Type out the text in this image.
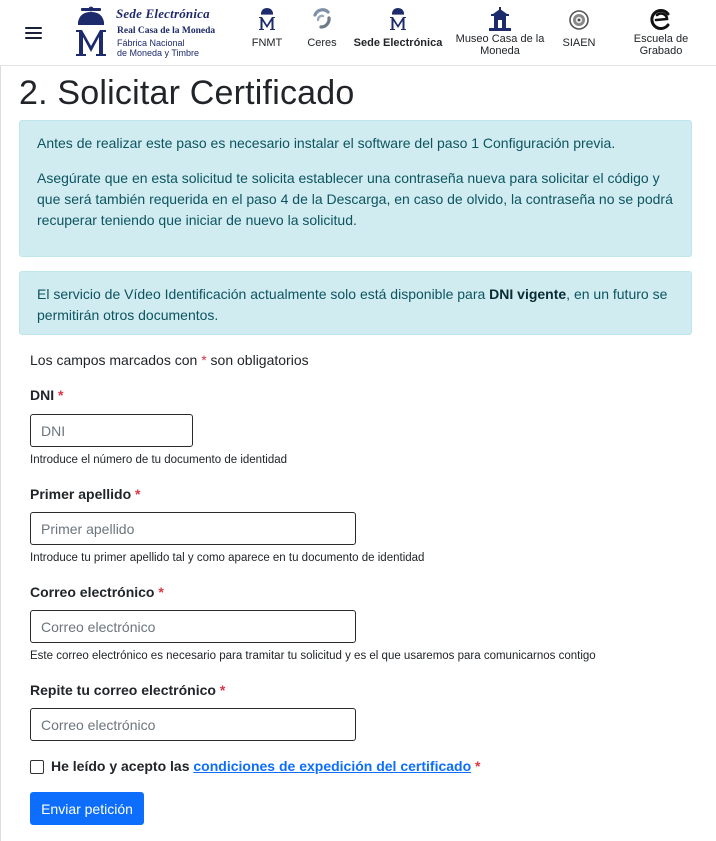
Sede Electrónica
Real Casa de la Moneda
Fábrica Nacional
de Moneda y Timbre
FNMT	Ceres	Sede Electrónica	Museo Casa de la
Moneda
SIAEN	Escuela de
Grabado
2. Solicitar Certificado

Antes de realizar este paso es necesario instalar el software del paso 1 Configuración previa.

Asegúrate que en esta solicitud te solicita establecer una contraseña nueva para solicitar el código y que será también requerida en el paso 4 de la Descarga, en caso de olvido, la contraseña no se podrá recuperar teniendo que iniciar de nuevo la solicitud.

El servicio de Vídeo Identificación actualmente solo está disponible para DNI vigente, en un futuro se permitirán otros documentos.

Los campos marcados con * son obligatorios
DNI *
DNI
Introduce el número de tu documento de identidad
Primer apellido *
Primer apellido
Introduce tu primer apellido tal y como aparece en tu documento de identidad
Correo electrónico *
Correo electrónico
Este correo electrónico es necesario para tramitar tu solicitud y es el que usaremos para comunicarnos contigo
Repite tu correo electrónico *
Correo electrónico
He leído y acepto las condiciones de expedición del certificado *
Enviar petición
